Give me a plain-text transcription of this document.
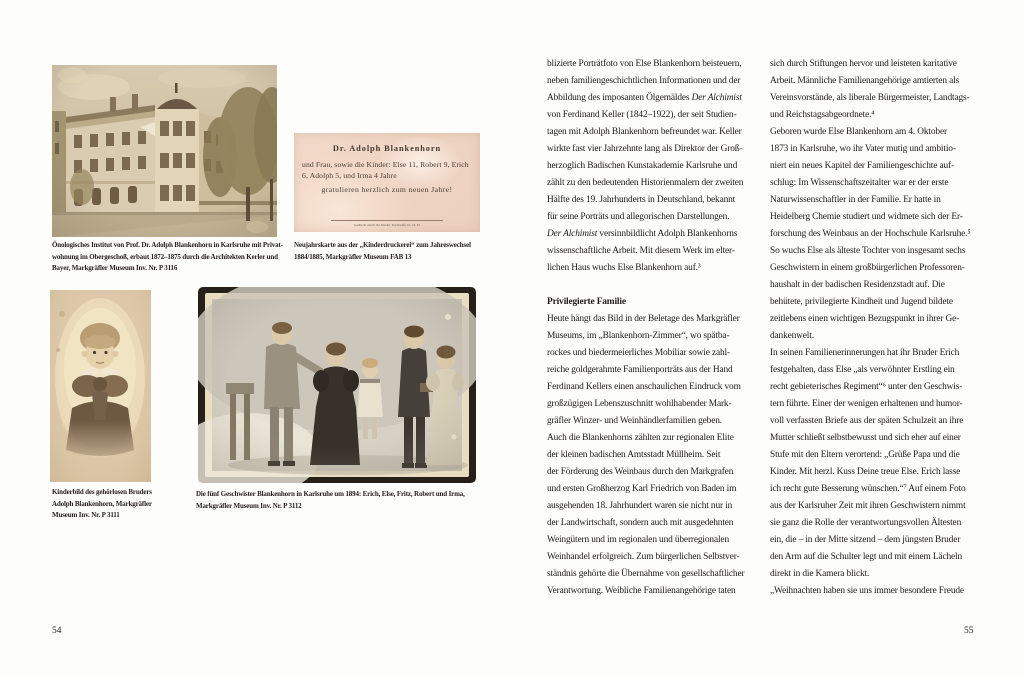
Önologisches Institut von Prof. Dr. Adolph Blankenhorn in Karlsruhe mit Privat-
wohnung im Obergeschoß, erbaut 1872–1875 durch die Architekten Kerler und
Bayer, Markgräfler Museum Inv. Nr. P 3116
Dr. Adolph Blankenhorn
und Frau, sowie die Kinder: Else 11, Robert 9, Erich
6, Adolph 5, und Irma 4 Jahre
gratulieren herzlich zum neuen Jahre!
Gedruckt durch die Kinder. Karlstraße 10, 19, 81
Neujahrskarte aus der „Kinderdruckerei“ zum Jahreswechsel
1884/1885, Markgräfler Museum FAB 13
Kinderbild des gehörlosen Bruders
Adolph Blankenhorn, Markgräfler
Museum Inv. Nr. P 3111
Die fünf Geschwister Blankenhorn in Karlsruhe um 1894: Erich, Else, Fritz, Robert und Irma,
Markgräfler Museum Inv. Nr. P 3112
54
blizierte Porträtfoto von Else Blankenhorn beisteuern,
neben familiengeschichtlichen Informationen und der
Abbildung des imposanten Ölgemäldes Der Alchimist
von Ferdinand Keller (1842–1922), der seit Studien-
tagen mit Adolph Blankenhorn befreundet war. Keller
wirkte fast vier Jahrzehnte lang als Direktor der Groß-
herzoglich Badischen Kunstakademie Karlsruhe und
zählt zu den bedeutenden Historienmalern der zweiten
Hälfte des 19. Jahrhunderts in Deutschland, bekannt
für seine Porträts und allegorischen Darstellungen.
Der Alchimist versinnbildlicht Adolph Blankenhorns
wissenschaftliche Arbeit. Mit diesem Werk im elter-
lichen Haus wuchs Else Blankenhorn auf.³

Privilegierte Familie
Heute hängt das Bild in der Beletage des Markgräfler
Museums, im „Blankenhorn-Zimmer“, wo spätba-
rockes und biedermeierliches Mobiliar sowie zahl-
reiche goldgerahmte Familienporträts aus der Hand
Ferdinand Kellers einen anschaulichen Eindruck vom
großzügigen Lebenszuschnitt wohlhabender Mark-
gräfler Winzer- und Weinhändlerfamilien geben.
Auch die Blankenhorns zählten zur regionalen Elite
der kleinen badischen Amtsstadt Müllheim. Seit
der Förderung des Weinbaus durch den Markgrafen
und ersten Großherzog Karl Friedrich von Baden im
ausgehenden 18. Jahrhundert waren sie nicht nur in
der Landwirtschaft, sondern auch mit ausgedehnten
Weingütern und im regionalen und überregionalen
Weinhandel erfolgreich. Zum bürgerlichen Selbstver-
ständnis gehörte die Übernahme von gesellschaftlicher
Verantwortung. Weibliche Familienangehörige taten
sich durch Stiftungen hervor und leisteten karitative
Arbeit. Männliche Familienangehörige amtierten als
Vereinsvorstände, als liberale Bürgermeister, Landtags-
und Reichstagsabgeordnete.⁴
Geboren wurde Else Blankenhorn am 4. Oktober
1873 in Karlsruhe, wo ihr Vater mutig und ambitio-
niert ein neues Kapitel der Familiengeschichte auf-
schlug: Im Wissenschaftszeitalter war er der erste
Naturwissenschaftler in der Familie. Er hatte in
Heidelberg Chemie studiert und widmete sich der Er-
forschung des Weinbaus an der Hochschule Karlsruhe.⁵
So wuchs Else als älteste Tochter von insgesamt sechs
Geschwistern in einem großbürgerlichen Professoren-
haushalt in der badischen Residenzstadt auf. Die
behütete, privilegierte Kindheit und Jugend bildete
zeitlebens einen wichtigen Bezugspunkt in ihrer Ge-
dankenwelt.
In seinen Familienerinnerungen hat ihr Bruder Erich
festgehalten, dass Else „als verwöhnter Erstling ein
recht gebieterisches Regiment“⁶ unter den Geschwis-
tern führte. Einer der wenigen erhaltenen und humor-
voll verfassten Briefe aus der späten Schulzeit an ihre
Mutter schließt selbstbewusst und sich eher auf einer
Stufe mit den Eltern verortend: „Grüße Papa und die
Kinder. Mit herzl. Kuss Deine treue Else. Erich lasse
ich recht gute Besserung wünschen.“⁷ Auf einem Foto
aus der Karlsruher Zeit mit ihren Geschwistern nimmt
sie ganz die Rolle der verantwortungsvollen Ältesten
ein, die – in der Mitte sitzend – dem jüngsten Bruder
den Arm auf die Schulter legt und mit einem Lächeln
direkt in die Kamera blickt.
„Weihnachten haben sie uns immer besondere Freude
55
